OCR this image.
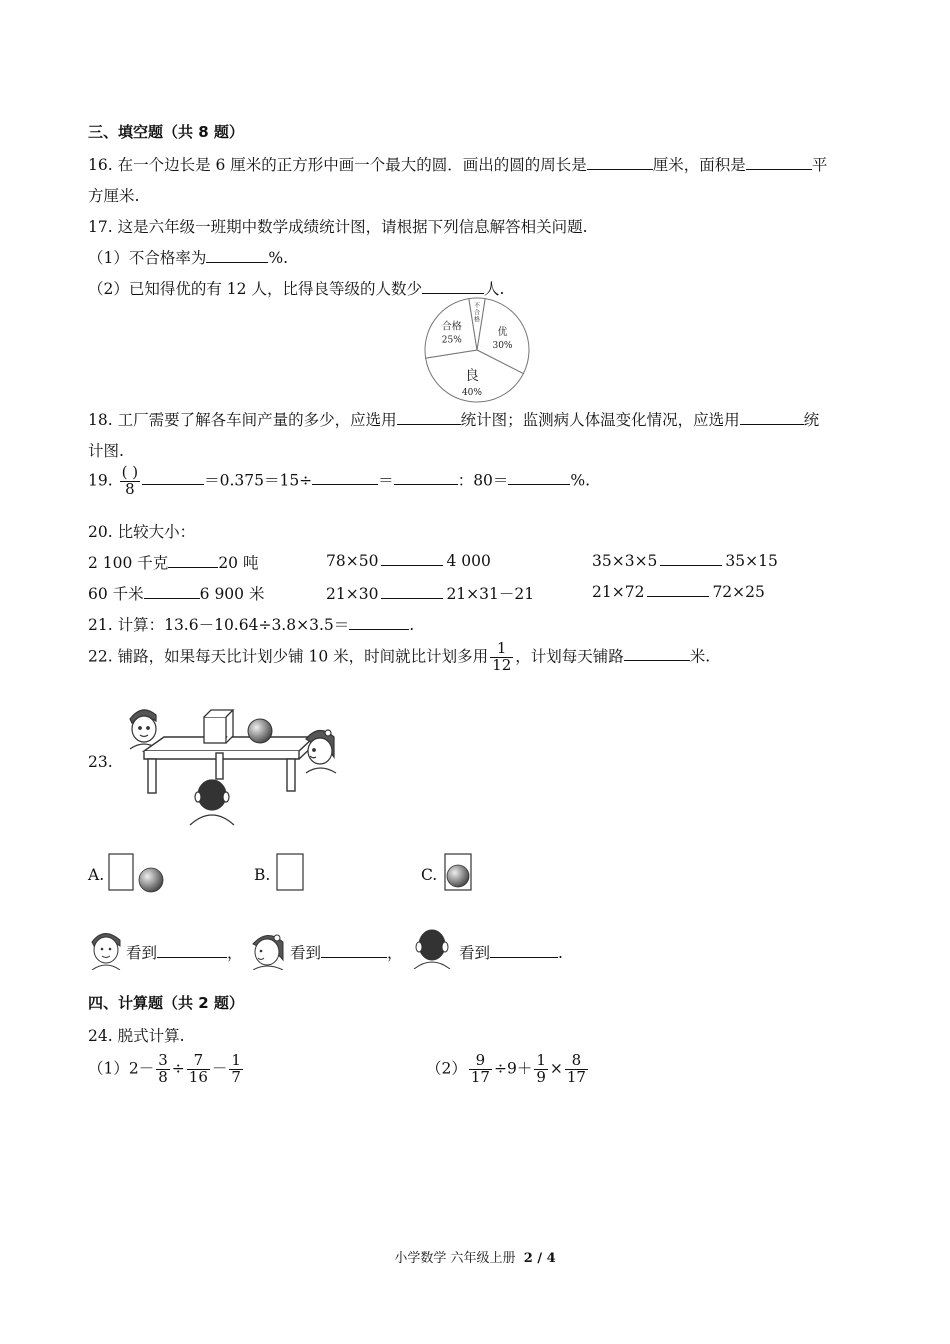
三、填空题（共 8 题）
16. 在一个边长是 6 厘米的正方形中画一个最大的圆．画出的圆的周长是	厘米，面积是	平
方厘米.
17. 这是六年级一班期中数学成绩统计图，请根据下列信息解答相关问题.
（1）不合格率为	%.
（2）已知得优的有 12 人，比得良等级的人数少	人.
优
30%
良
40%
合格
25%
不
合
格
18. 工厂需要了解各车间产量的多少，应选用	统计图；监测病人体温变化情况，应选用	统
计图.
19. $\frac{( )}{8}$	＝0.375＝15÷	＝	：80＝	%.
20. 比较大小：
2 100 千克	20 吨	78×50	4 000	35×3×5	35×15
60 千米	6 900 米	21×30	21×31－21	21×72	72×25
21. 计算：13.6－10.64÷3.8×3.5＝	.
22. 铺路，如果每天比计划少铺 10 米，时间就比计划多用 $\frac{1}{12}$ ，计划每天铺路	米.
23.
A.	B.	C.
看到	，	看到	，	看到	.
四、计算题（共 2 题）
24. 脱式计算.
$(1)2- \frac{3}{8} \div \frac{7}{16} - \frac{1}{7}$	$(2) \frac{9}{17} \div 9+ \frac{1}{9} \times \frac{8}{17}$
小学数学 六年级上册 2 / 4
